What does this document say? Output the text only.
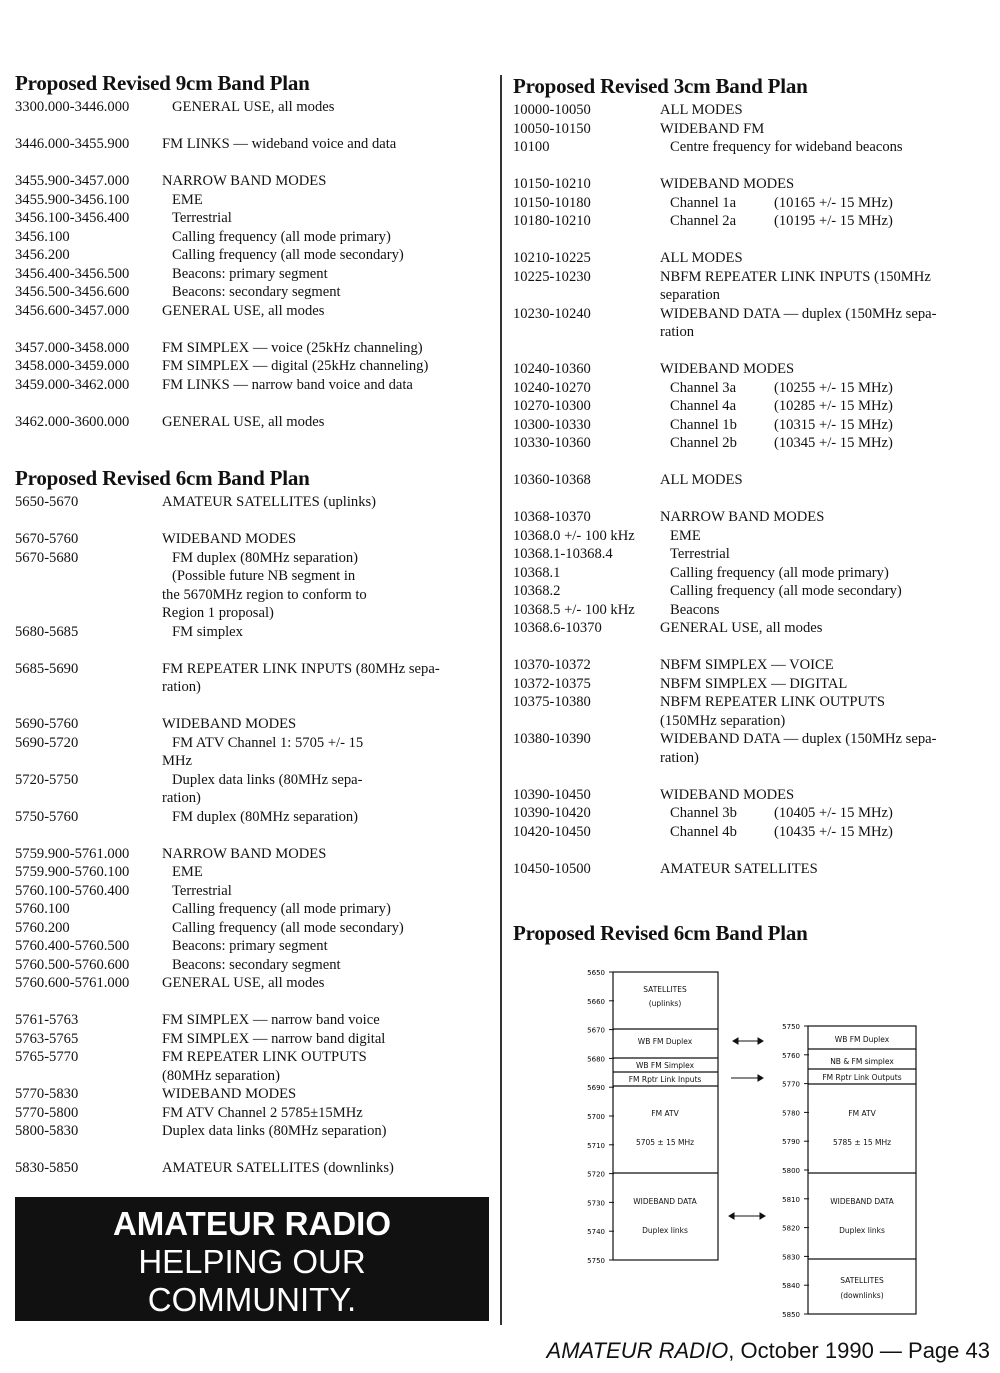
Proposed Revised 9cm Band Plan
3300.000-3446.000	GENERAL USE, all modes
3446.000-3455.900	FM LINKS — wideband voice and data
3455.900-3457.000	NARROW BAND MODES
3455.900-3456.100	EME
3456.100-3456.400	Terrestrial
3456.100	Calling frequency (all mode primary)
3456.200	Calling frequency (all mode secondary)
3456.400-3456.500	Beacons: primary segment
3456.500-3456.600	Beacons: secondary segment
3456.600-3457.000	GENERAL USE, all modes
3457.000-3458.000	FM SIMPLEX — voice (25kHz channeling)
3458.000-3459.000	FM SIMPLEX — digital (25kHz channeling)
3459.000-3462.000	FM LINKS — narrow band voice and data
3462.000-3600.000	GENERAL USE, all modes
Proposed Revised 6cm Band Plan
5650-5670	AMATEUR SATELLITES (uplinks)
5670-5760	WIDEBAND MODES
5670-5680	FM duplex (80MHz separation)
(Possible future NB segment in
the 5670MHz region to conform to
Region 1 proposal)
5680-5685	FM simplex
5685-5690	FM REPEATER LINK INPUTS (80MHz sepa-
ration)
5690-5760	WIDEBAND MODES
5690-5720	FM ATV Channel 1: 5705 +/- 15
MHz
5720-5750	Duplex data links (80MHz sepa-
ration)
5750-5760	FM duplex (80MHz separation)
5759.900-5761.000	NARROW BAND MODES
5759.900-5760.100	EME
5760.100-5760.400	Terrestrial
5760.100	Calling frequency (all mode primary)
5760.200	Calling frequency (all mode secondary)
5760.400-5760.500	Beacons: primary segment
5760.500-5760.600	Beacons: secondary segment
5760.600-5761.000	GENERAL USE, all modes
5761-5763	FM SIMPLEX — narrow band voice
5763-5765	FM SIMPLEX — narrow band digital
5765-5770	FM REPEATER LINK OUTPUTS
(80MHz separation)
5770-5830	WIDEBAND MODES
5770-5800	FM ATV Channel 2 5785±15MHz
5800-5830	Duplex data links (80MHz separation)
5830-5850	AMATEUR SATELLITES (downlinks)
Proposed Revised 3cm Band Plan
10000-10050	ALL MODES
10050-10150	WIDEBAND FM
10100	Centre frequency for wideband beacons
10150-10210	WIDEBAND MODES
10150-10180	Channel 1a	(10165 +/- 15 MHz)
10180-10210	Channel 2a	(10195 +/- 15 MHz)
10210-10225	ALL MODES
10225-10230	NBFM REPEATER LINK INPUTS (150MHz
separation
10230-10240	WIDEBAND DATA — duplex (150MHz sepa-
ration
10240-10360	WIDEBAND MODES
10240-10270	Channel 3a	(10255 +/- 15 MHz)
10270-10300	Channel 4a	(10285 +/- 15 MHz)
10300-10330	Channel 1b	(10315 +/- 15 MHz)
10330-10360	Channel 2b	(10345 +/- 15 MHz)
10360-10368	ALL MODES
10368-10370	NARROW BAND MODES
10368.0 +/- 100 kHz	EME
10368.1-10368.4	Terrestrial
10368.1	Calling frequency (all mode primary)
10368.2	Calling frequency (all mode secondary)
10368.5 +/- 100 kHz	Beacons
10368.6-10370	GENERAL USE, all modes
10370-10372	NBFM SIMPLEX — VOICE
10372-10375	NBFM SIMPLEX — DIGITAL
10375-10380	NBFM REPEATER LINK OUTPUTS
(150MHz separation)
10380-10390	WIDEBAND DATA — duplex (150MHz sepa-
ration)
10390-10450	WIDEBAND MODES
10390-10420	Channel 3b	(10405 +/- 15 MHz)
10420-10450	Channel 4b	(10435 +/- 15 MHz)
10450-10500	AMATEUR SATELLITES
Proposed Revised 6cm Band Plan
5650
5660
5670
5680
5690
5700
5710
5720
5730
5740
5750
5750
5760
5770
5780
5790
5800
5810
5820
5830
5840
5850
SATELLITES
(uplinks)
WB FM Duplex
WB FM Simplex
FM Rptr Link Inputs
FM ATV
5705 ± 15 MHz
WIDEBAND DATA
Duplex links
WB FM Duplex
NB & FM simplex
FM Rptr Link Outputs
FM ATV
5785 ± 15 MHz
WIDEBAND DATA
Duplex links
SATELLITES
(downlinks)
AMATEUR RADIO
HELPING OUR
COMMUNITY.
AMATEUR RADIO, October 1990 — Page 43
